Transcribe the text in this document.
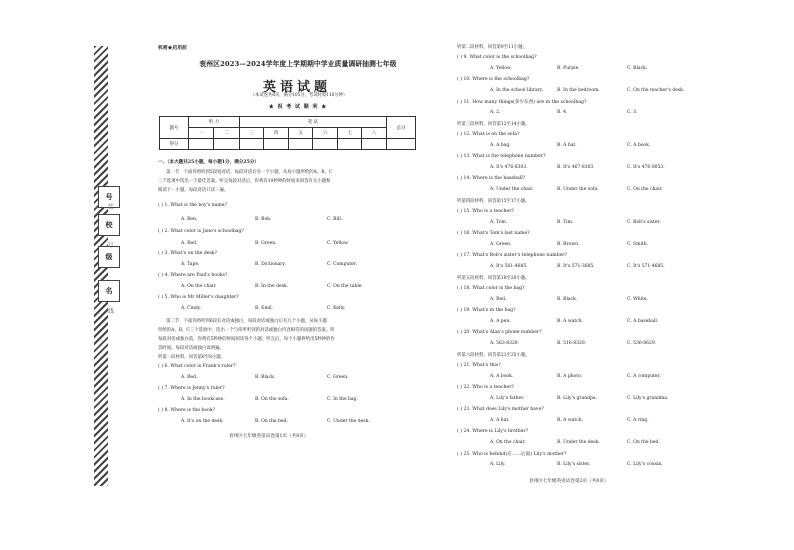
号
校
级
名
装
订
线
机密★启用前
衮州区2023—2024学年度上学期期中学业质量调研抽测七年级
英语试题
（本试卷共8页，满分105分，考试时间110分钟）
★ 祝 考 试 顺 利 ★
题号	听 力		笔 试						总分
	一	二	三	四	五	六	七	八	
得分									
一、（本大题共25小题，每小题1分，满分25分）
第一节　下面你将听到5段短对话，每段对话后有一个小题，从每小题所给的A、B、C
三个选项中选出一个最佳答案。听完每段对话后，你将有10秒钟的时间来回答有关小题和
阅读下一小题。每段对话只读一遍。
( ) 1. What is the boy's name?
A. Ben.	B. Bob.	C. Bill.
( ) 2. What color is Jane's schoolbag?
A. Red.	B. Green.	C. Yellow.
( ) 3. What's on the desk?
A. Tape.	B. Dictionary.	C. Computer.
( ) 4. Where are Paul's books?
A. On the chair.	B. In the desk.	C. On the table.
( ) 5. Who is Mr Miller's daughter?
A. Cindy.	B. Emil.	C. Kelly.
第二节　下面你将听到6段长对话或独白，每段对话或独白后有几个小题，从每小题
所给的A、B、C三个选项中，选出一个与你所听到的对话或独白内容相符的问题的答案。听
每段对话或独白前，你将有5秒钟的时间阅读各个小题；听完后，每个小题将给出5秒钟的作
答时间。每段对话或独白读两遍。
听第一段材料，回答第6至8小题。
( ) 6. What color is Frank's ruler?
A. Red.	B. Black.	C. Green.
( ) 7. Where is Jenny's ruler?
A. In the bookcase.	B. On the sofa.	C. In the bag.
( ) 8. Where is the book?
A. It's on the desk.	B. On the bed.	C. Under the desk.
衮州区七年级英语试卷第1页（共8页）
听第二段材料，回答第9至11小题。
( ) 9. What color is the schoolbag?
A. Yellow.	B. Purple.	C. Black.
( ) 10. Where is the schoolbag?
A. In the school library.	B. In the bedroom.	C. On the teacher's desk.
( ) 11. How many things(多少东西) are in the schoolbag?
A. 2.	B. 4.	C. 3.
听第三段材料，回答第12至14小题。
( ) 12. What is on the sofa?
A. A bag.	B. A hat.	C. A book.
( ) 13. What is the telephone number?
A. It's 476-8303.	B. It's 467-8303.	C. It's 476-8053.
( ) 14. Where is the baseball?
A. Under the chair.	B. Under the sofa.	C. On the chair.
听第四段材料，回答第15至17小题。
( ) 15. Who is a teacher?
A. Tom.	B. Tim.	C. Bob's sister.
( ) 16. What's Tom's last name?
A. Green.	B. Brown.	C. Smith.
( ) 17. What's Bob's sister's telephone number?
A. It's 561-4685.	B. It's 571-3685.	C. It's 571-4685.
听第五段材料，回答第18至20小题。
( ) 18. What color is the bag?
A. Red.	B. Black.	C. White.
( ) 19. What's in the bag?
A. A pen.	B. A watch.	C. A baseball.
( ) 20. What's Alan's phone number?
A. 563-8329.	B. 516-8329.	C. 536-8629.
听第六段材料，回答第21至25小题。
( ) 21. What's this?
A. A book.	B. A photo.	C. A computer.
( ) 22. Who is a teacher?
A. Lily's father.	B. Lily's grandpa.	C. Lily's grandma.
( ) 23. What does Lily's mother have?
A. A hat.	B. A watch.	C. A ring.
( ) 24. Where is Lily's brother?
A. On the chair.	B. Under the desk.	C. On the bed.
( ) 25. Who is behind(在……后面) Lily's mother?
A. Lily.	B. Lily's sister.	C. Lily's cousin.
衮州区七年级英语试卷第2页（共8页）
